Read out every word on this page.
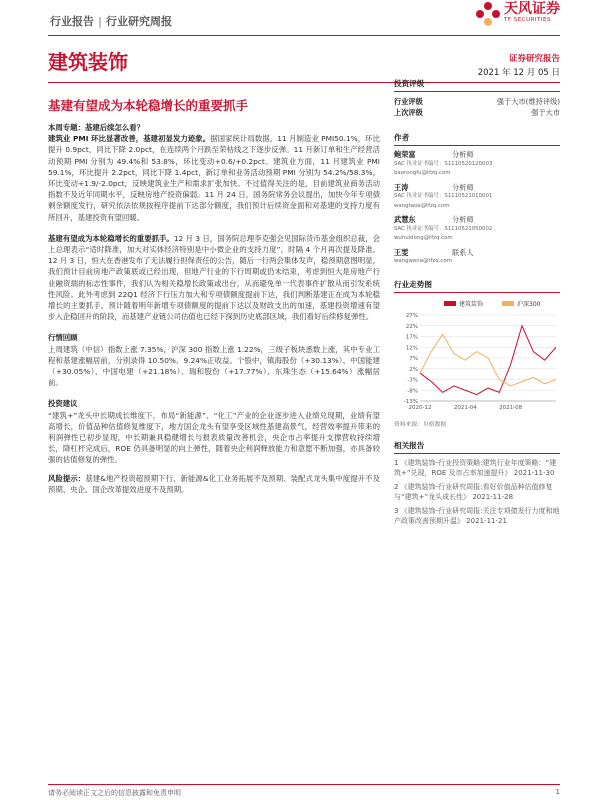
行业报告 | 行业研究周报
天风证券
TF SECURITIES
建筑装饰	证券研究报告
2021 年 12 月 05 日
基建有望成为本轮稳增长的重要抓手

本周专题：基建后续怎么看？
建筑业 PMI 环比显著改善，基建初显发力迹象。据国家统计局数据，11 月制造业 PMI50.1%，环比提升 0.9pct，同比下降 2.0pct，在连续两个月跌至荣枯线之下逐步反弹。11 月新订单和生产经营活动预期 PMI 分别为 49.4%和 53.8%，环比变动+0.6/+0.2pct。建筑业方面，11 月建筑业 PMI 59.1%，环比提升 2.2pct，同比下降 1.4pct，新订单和业务活动预期 PMI 分别为 54.2%/58.3%，环比变动+1.9/-2.0pct，反映建筑业生产和需求扩张加快。不过值得关注的是，目前建筑业商务活动指数不及近年同期水平，反映房地产投资偏弱。11 月 24 日，国务院常务会议提出，加快今年专项债剩余额度发行，研究依法依规按程序提前下达部分额度，我们预计后续资金面和对基建的支持力度有所回升，基建投资有望回暖。

基建有望成为本轮稳增长的重要抓手。12 月 3 日，国务院总理李克强会见国际货币基金组织总裁，会上总理表示“适时降准，加大对实体经济特别是中小微企业的支持力度”，时隔 4 个月再次提及降准。12 月 3 日，恒大在香港发布了无法履行担保责任的公告，随后一行两会集体发声，稳预期意图明显，我们预计目前房地产政策底或已经出现，但地产行业的下行周期或仍未结束，考虑到恒大是房地产行业融资端的标志性事件，我们认为相关稳增长政策或出台，从而避免单一代表事件扩散从而引发系统性风险。此外考虑到 22Q1 经济下行压力加大和专项债额度提前下达，我们判断基建正在成为本轮稳增长的主要抓手，预计随着明年新增专项债额度的提前下达以及财政支出的加速，基建投资增速有望步入企稳回升的阶段，而基建产业链公司估值也已经下探到历史底部区域，我们看好后续修复弹性。

行情回顾
上周建筑（中信）指数上涨 7.35%，沪深 300 指数上涨 1.22%，三级子板块悉数上涨，其中专业工程和基建涨幅居前，分别录得 10.50%、9.24%正收益。个股中，镇海股份（+30.13%）、中国能建（+30.05%）、中国电建（+21.18%）、瑞和股份（+17.77%）、东珠生态（+15.64%）涨幅居前。

投资建议
“建筑+”龙头中长期成长维度下，布局“新能源”、“化工”产业的企业逐步进入业绩兑现期，业绩有望高增长，价值品种估值修复维度下，地方国企龙头有望享受区域性基建高景气，经营效率提升带来的利润弹性已初步显现，中长期兼具稳健增长与报表质量改善机会，央企市占率提升支撑营收持续增长，降杠杆完成后，ROE 仍具备明显的向上弹性，随着央企利润释放能力和意愿不断加强，亦具备较强的估值修复的弹性。

风险提示：基建&地产投资超预期下行、新能源&化工业务拓展不及预期、装配式龙头集中度提升不及预期、央企、国企改革提效进度不及预期。

投资评级
行业评级	强于大市(维持评级)
上次评级	强于大市
作者
鲍荣富	分析师
SAC 执业证书编号：S1110520120003
baorongfu@tfzq.com
王涛	分析师
SAC 执业证书编号：S1110521010001
wangtaoa@tfzq.com
武慧东	分析师
SAC 执业证书编号：S1110521050002
wuhuidong@tfzq.com
王雯	联系人
wangwena@tfzq.com
行业走势图
27%
22%
17%
12%
7%
2%
-3%
-8%
-13%
2020-12	2021-04	2021-08
建筑装饰	沪深300
资料来源：贝格数据
相关报告
1 《建筑装饰-行业投资策略:建筑行业年度策略：“建筑+”兑现，ROE 及市占率加速提升》 2021-11-30
2 《建筑装饰-行业研究周报:看好价值品种估值修复与“建筑+”龙头成长性》 2021-11-28
3 《建筑装饰-行业研究周报:关注专项债发行力度和地产政策改善预期升温》 2021-11-21
请务必阅读正文之后的信息披露和免责申明	1
